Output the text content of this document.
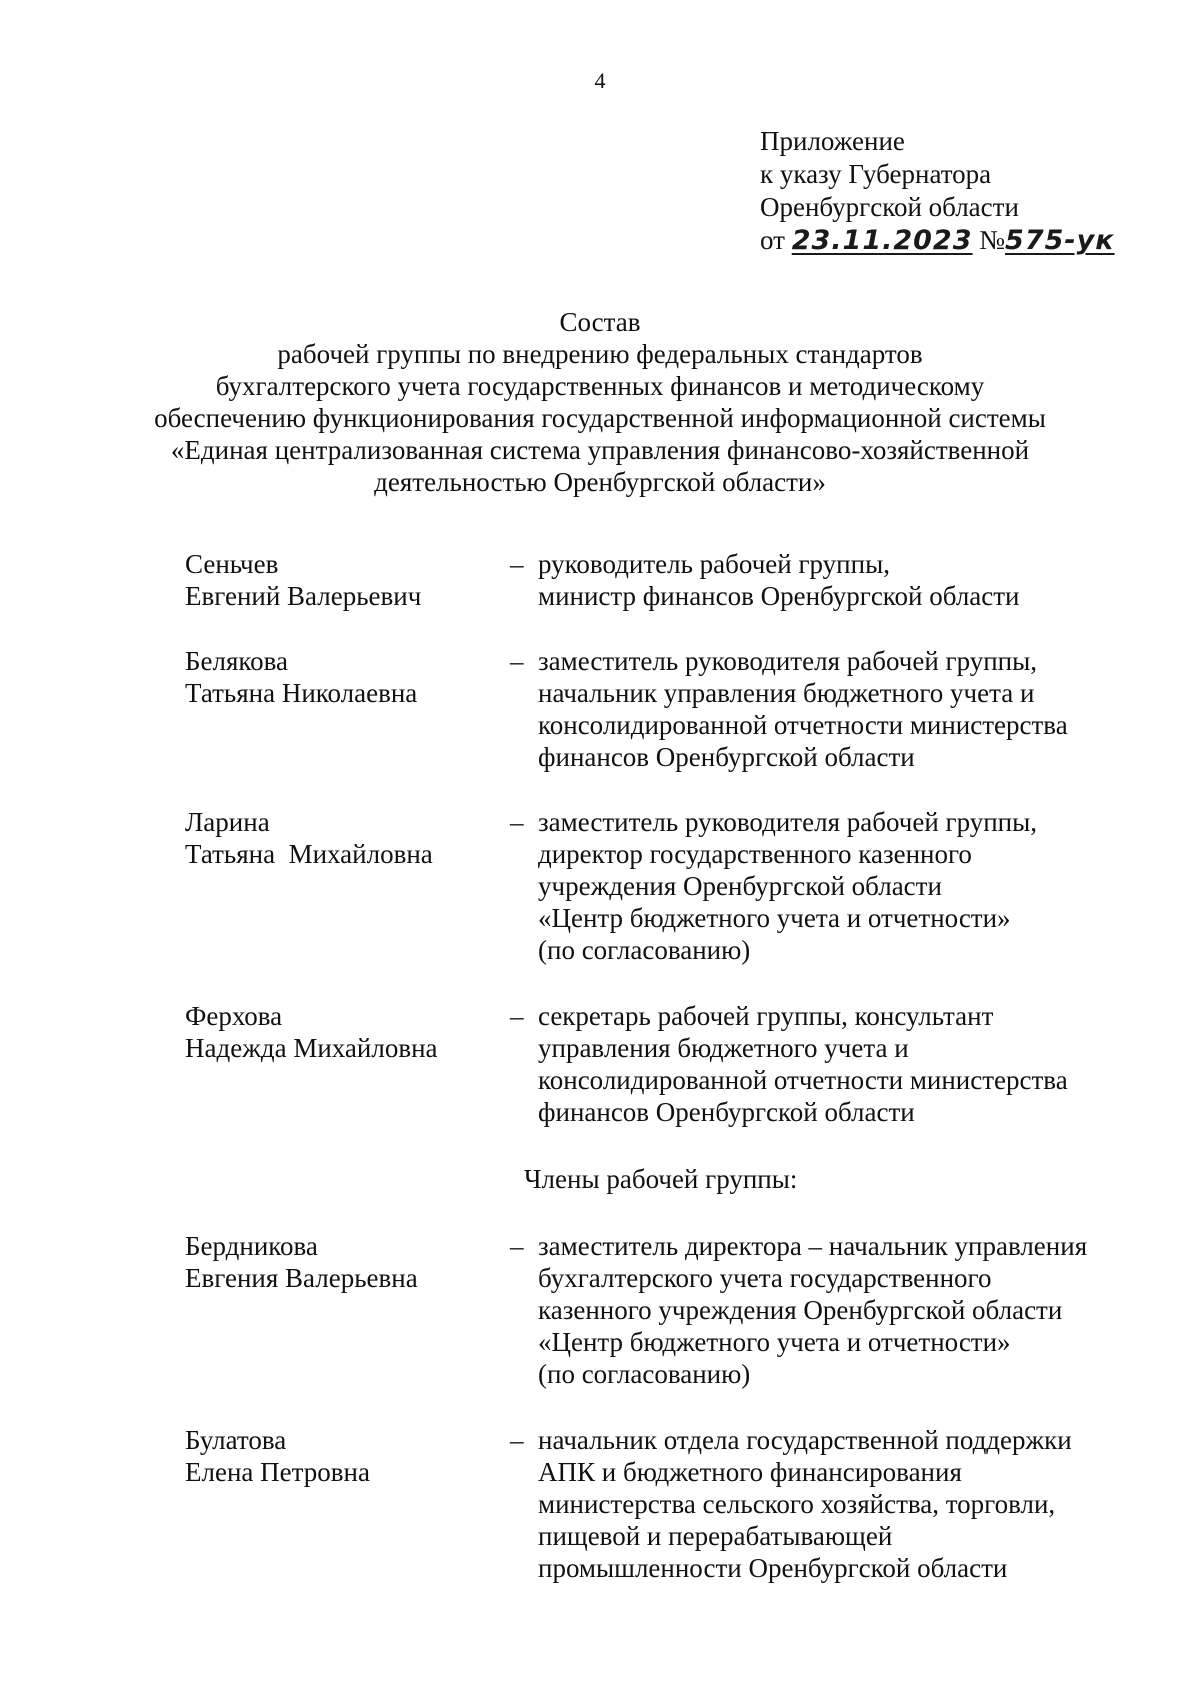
4
Приложение
к указу Губернатора
Оренбургской области
от 23.11.2023 №575-ук
Состав
рабочей группы по внедрению федеральных стандартов
бухгалтерского учета государственных финансов и методическому
обеспечению функционирования государственной информационной системы
«Единая централизованная система управления финансово-хозяйственной
деятельностью Оренбургской области»
Сеньчев
Евгений Валерьевич
– руководитель рабочей группы,
министр финансов Оренбургской области
Белякова
Татьяна Николаевна
– заместитель руководителя рабочей группы,
начальник управления бюджетного учета и
консолидированной отчетности министерства
финансов Оренбургской области
Ларина
Татьяна  Михайловна
– заместитель руководителя рабочей группы,
директор государственного казенного
учреждения Оренбургской области
«Центр бюджетного учета и отчетности»
(по согласованию)
Ферхова
Надежда Михайловна
– секретарь рабочей группы, консультант
управления бюджетного учета и
консолидированной отчетности министерства
финансов Оренбургской области
Члены рабочей группы:
Бердникова
Евгения Валерьевна
– заместитель директора – начальник управления
бухгалтерского учета государственного
казенного учреждения Оренбургской области
«Центр бюджетного учета и отчетности»
(по согласованию)
Булатова
Елена Петровна
– начальник отдела государственной поддержки
АПК и бюджетного финансирования
министерства сельского хозяйства, торговли,
пищевой и перерабатывающей
промышленности Оренбургской области
